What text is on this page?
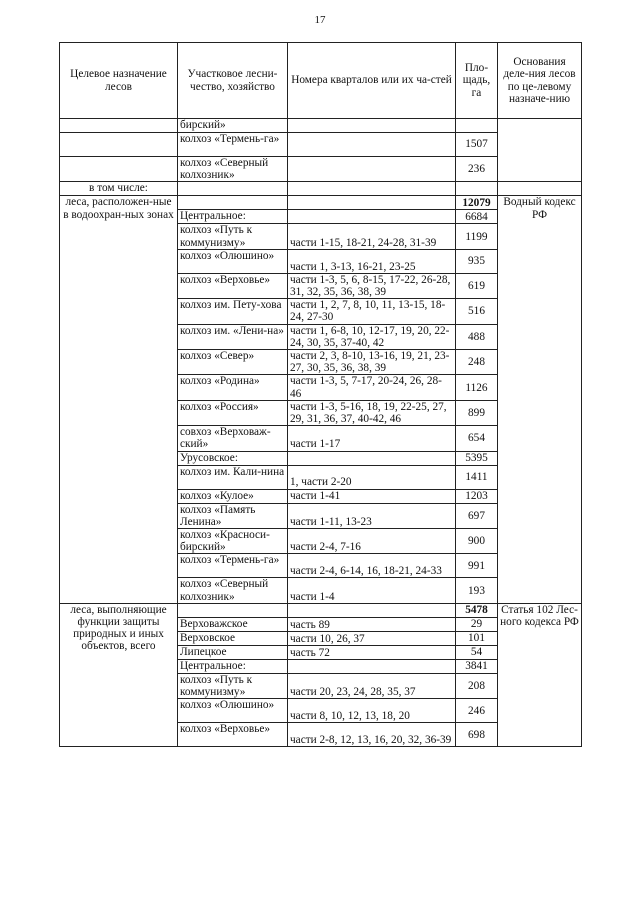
17
Целевое назначение лесов	Участковое лесни-чество, хозяйство	Номера кварталов или их ча-стей	Пло-щадь, га	Основания деле-ния лесов по це-левому назначе-нию
	бирский»			
	колхоз «Термень-га»		1507	
	колхоз «Северный колхозник»		236	
в том числе:				
леса, расположен-ные в водоохран-ных зонах			12079	Водный кодекс РФ
	Центральное:		6684	
	колхоз «Путь к коммунизму»	части 1-15, 18-21, 24-28, 31-39	1199	
	колхоз «Олюшино»	части 1, 3-13, 16-21, 23-25	935	
	колхоз «Верховье»	части 1-3, 5, 6, 8-15, 17-22, 26-28, 31, 32, 35, 36, 38, 39	619	
	колхоз им. Пету-хова	части 1, 2, 7, 8, 10, 11, 13-15, 18-24, 27-30	516	
	колхоз им. «Лени-на»	части 1, 6-8, 10, 12-17, 19, 20, 22-24, 30, 35, 37-40, 42	488	
	колхоз «Север»	части 2, 3, 8-10, 13-16, 19, 21, 23-27, 30, 35, 36, 38, 39	248	
	колхоз «Родина»	части 1-3, 5, 7-17, 20-24, 26, 28-46	1126	
	колхоз «Россия»	части 1-3, 5-16, 18, 19, 22-25, 27, 29, 31, 36, 37, 40-42, 46	899	
	совхоз «Верховаж-ский»	части 1-17	654	
	Урусовское:		5395	
	колхоз им. Кали-нина	1, части 2-20	1411	
	колхоз «Кулое»	части 1-41	1203	
	колхоз «Память Ленина»	части 1-11, 13-23	697	
	колхоз «Красноси-бирский»	части 2-4, 7-16	900	
	колхоз «Термень-га»	части 2-4, 6-14, 16, 18-21, 24-33	991	
	колхоз «Северный колхозник»	части 1-4	193	
леса, выполняющие функции защиты природных и иных объектов, всего			5478	Статья 102 Лес-ного кодекса РФ
	Верховажское	часть 89	29	
	Верховское	части 10, 26, 37	101	
	Липецкое	часть 72	54	
	Центральное:		3841	
	колхоз «Путь к коммунизму»	части 20, 23, 24, 28, 35, 37	208	
	колхоз «Олюшино»	части 8, 10, 12, 13, 18, 20	246	
	колхоз «Верховье»	части 2-8, 12, 13, 16, 20, 32, 36-39	698	
